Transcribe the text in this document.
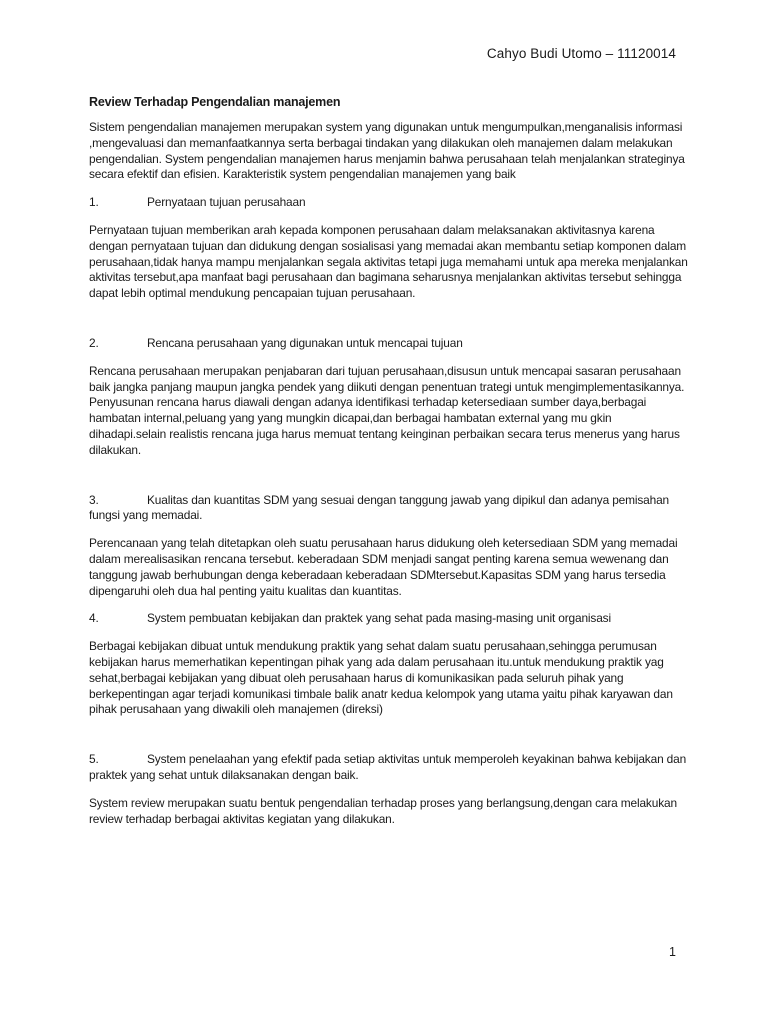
Cahyo Budi Utomo – 11120014
Review Terhadap Pengendalian manajemen

Sistem pengendalian manajemen merupakan system yang digunakan untuk mengumpulkan,menganalisis informasi ,mengevaluasi dan memanfaatkannya serta berbagai tindakan yang dilakukan oleh manajemen dalam melakukan pengendalian. System pengendalian manajemen harus menjamin bahwa perusahaan telah menjalankan strateginya secara efektif dan efisien. Karakteristik system pengendalian manajemen yang baik

1.	Pernyataan tujuan perusahaan

Pernyataan tujuan memberikan arah kepada komponen perusahaan dalam melaksanakan aktivitasnya karena dengan pernyataan tujuan dan didukung dengan sosialisasi yang memadai akan membantu setiap komponen dalam perusahaan,tidak hanya mampu menjalankan segala aktivitas tetapi juga memahami untuk apa mereka menjalankan aktivitas tersebut,apa manfaat bagi perusahaan dan bagimana seharusnya menjalankan aktivitas tersebut sehingga dapat lebih optimal mendukung pencapaian tujuan perusahaan.

2.	Rencana perusahaan yang digunakan untuk mencapai tujuan

Rencana perusahaan merupakan penjabaran dari tujuan perusahaan,disusun untuk mencapai sasaran perusahaan baik jangka panjang maupun jangka pendek yang diikuti dengan penentuan trategi untuk mengimplementasikannya. Penyusunan rencana harus diawali dengan adanya identifikasi terhadap ketersediaan sumber daya,berbagai hambatan internal,peluang yang yang mungkin dicapai,dan berbagai hambatan external yang mu gkin dihadapi.selain realistis rencana juga harus memuat tentang keinginan perbaikan secara terus menerus yang harus dilakukan.

3.	Kualitas dan kuantitas SDM yang sesuai dengan tanggung jawab yang dipikul dan adanya pemisahan fungsi yang memadai.

Perencanaan yang telah ditetapkan oleh suatu perusahaan harus didukung oleh ketersediaan SDM yang memadai dalam merealisasikan rencana tersebut. keberadaan SDM menjadi sangat penting karena semua wewenang dan tanggung jawab berhubungan denga keberadaan keberadaan SDMtersebut.Kapasitas SDM yang harus tersedia dipengaruhi oleh dua hal penting yaitu kualitas dan kuantitas.

4.	System pembuatan kebijakan dan praktek yang sehat pada masing-masing unit organisasi

Berbagai kebijakan dibuat untuk mendukung praktik yang sehat dalam suatu perusahaan,sehingga perumusan kebijakan harus memerhatikan kepentingan pihak yang ada dalam perusahaan itu.untuk mendukung praktik yag sehat,berbagai kebijakan yang dibuat oleh perusahaan harus di komunikasikan pada seluruh pihak yang berkepentingan agar terjadi komunikasi timbale balik anatr kedua kelompok yang utama yaitu pihak karyawan dan pihak perusahaan yang diwakili oleh manajemen (direksi)

5.	System penelaahan yang efektif pada setiap aktivitas untuk memperoleh keyakinan bahwa kebijakan dan praktek yang sehat untuk dilaksanakan dengan baik.

System review merupakan suatu bentuk pengendalian terhadap proses yang berlangsung,dengan cara melakukan review terhadap berbagai aktivitas kegiatan yang dilakukan.

1
